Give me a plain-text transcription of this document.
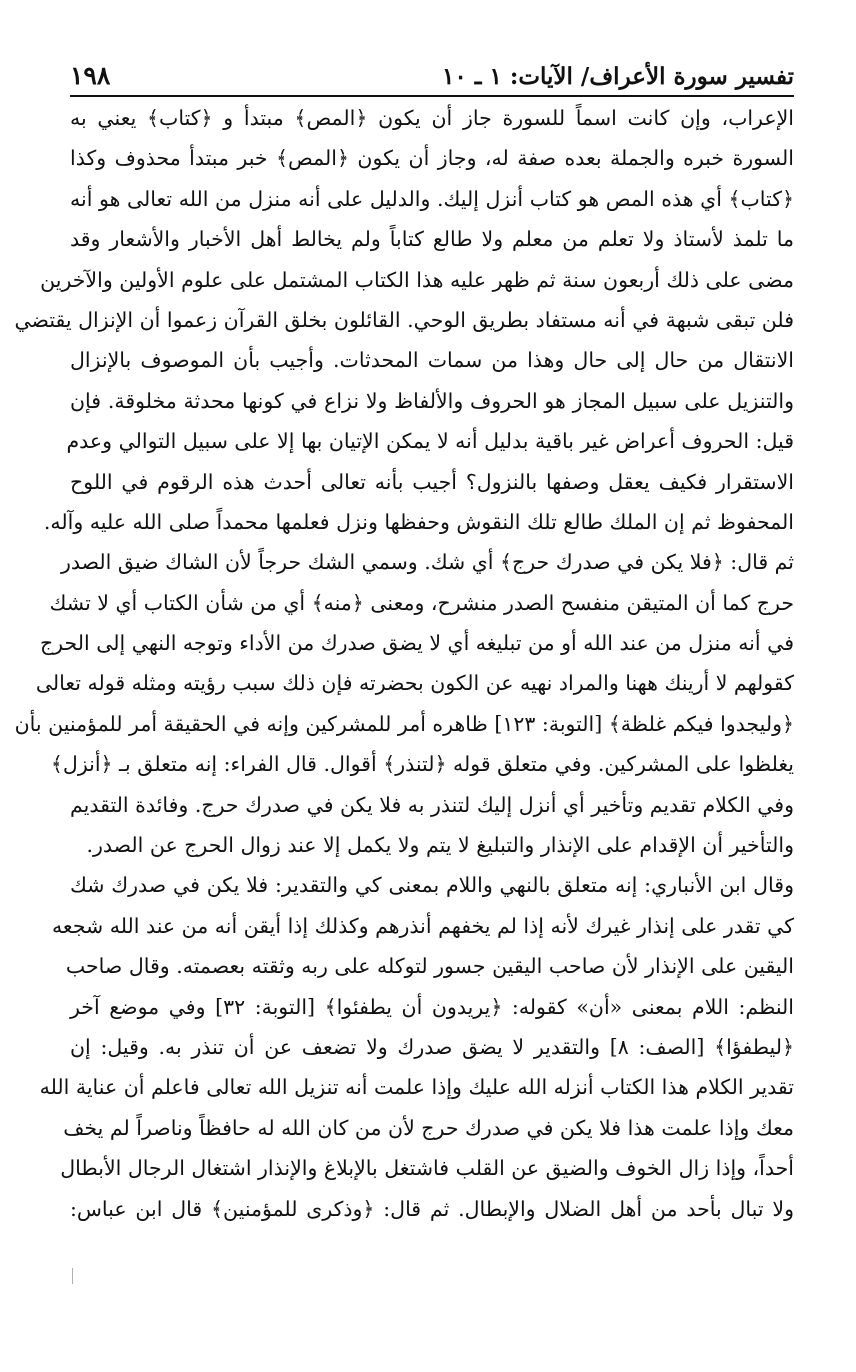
١٩٨	تفسير سورة الأعراف/ الآيات: ١ ـ ١٠
الإعراب، وإن كانت اسماً للسورة جاز أن يكون ﴿المص﴾ مبتدأ و ﴿كتاب﴾ يعني به
السورة خبره والجملة بعده صفة له، وجاز أن يكون ﴿المص﴾ خبر مبتدأ محذوف وكذا
﴿كتاب﴾ أي هذه المص هو كتاب أنزل إليك. والدليل على أنه منزل من الله تعالى هو أنه
ما تلمذ لأستاذ ولا تعلم من معلم ولا طالع كتاباً ولم يخالط أهل الأخبار والأشعار وقد
مضى على ذلك أربعون سنة ثم ظهر عليه هذا الكتاب المشتمل على علوم الأولين والآخرين
فلن تبقى شبهة في أنه مستفاد بطريق الوحي. القائلون بخلق القرآن زعموا أن الإنزال يقتضي
الانتقال من حال إلى حال وهذا من سمات المحدثات. وأجيب بأن الموصوف بالإنزال
والتنزيل على سبيل المجاز هو الحروف والألفاظ ولا نزاع في كونها محدثة مخلوقة. فإن
قيل: الحروف أعراض غير باقية بدليل أنه لا يمكن الإتيان بها إلا على سبيل التوالي وعدم
الاستقرار فكيف يعقل وصفها بالنزول؟ أجيب بأنه تعالى أحدث هذه الرقوم في اللوح
المحفوظ ثم إن الملك طالع تلك النقوش وحفظها ونزل فعلمها محمداً صلى الله عليه وآله.
ثم قال: ﴿فلا يكن في صدرك حرج﴾ أي شك. وسمي الشك حرجاً لأن الشاك ضيق الصدر
حرج كما أن المتيقن منفسح الصدر منشرح، ومعنى ﴿منه﴾ أي من شأن الكتاب أي لا تشك
في أنه منزل من عند الله أو من تبليغه أي لا يضق صدرك من الأداء وتوجه النهي إلى الحرج
كقولهم لا أرينك ههنا والمراد نهيه عن الكون بحضرته فإن ذلك سبب رؤيته ومثله قوله تعالى
﴿وليجدوا فيكم غلظة﴾ [التوبة: ١٢٣] ظاهره أمر للمشركين وإنه في الحقيقة أمر للمؤمنين بأن
يغلظوا على المشركين. وفي متعلق قوله ﴿لتنذر﴾ أقوال. قال الفراء: إنه متعلق بـ ﴿أنزل﴾
وفي الكلام تقديم وتأخير أي أنزل إليك لتنذر به فلا يكن في صدرك حرج. وفائدة التقديم
والتأخير أن الإقدام على الإنذار والتبليغ لا يتم ولا يكمل إلا عند زوال الحرج عن الصدر.
وقال ابن الأنباري: إنه متعلق بالنهي واللام بمعنى كي والتقدير: فلا يكن في صدرك شك
كي تقدر على إنذار غيرك لأنه إذا لم يخفهم أنذرهم وكذلك إذا أيقن أنه من عند الله شجعه
اليقين على الإنذار لأن صاحب اليقين جسور لتوكله على ربه وثقته بعصمته. وقال صاحب
النظم: اللام بمعنى «أن» كقوله: ﴿يريدون أن يطفئوا﴾ [التوبة: ٣٢] وفي موضع آخر
﴿ليطفؤا﴾ [الصف: ٨] والتقدير لا يضق صدرك ولا تضعف عن أن تنذر به. وقيل: إن
تقدير الكلام هذا الكتاب أنزله الله عليك وإذا علمت أنه تنزيل الله تعالى فاعلم أن عناية الله
معك وإذا علمت هذا فلا يكن في صدرك حرج لأن من كان الله له حافظاً وناصراً لم يخف
أحداً، وإذا زال الخوف والضيق عن القلب فاشتغل بالإبلاغ والإنذار اشتغال الرجال الأبطال
ولا تبال بأحد من أهل الضلال والإبطال. ثم قال: ﴿وذكرى للمؤمنين﴾ قال ابن عباس:
